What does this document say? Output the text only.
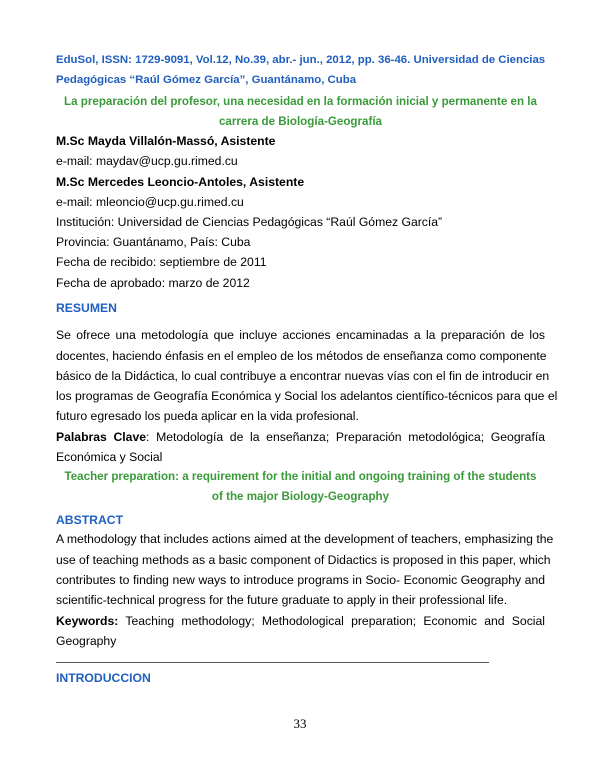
EduSol, ISSN: 1729-9091, Vol.12, No.39, abr.- jun., 2012, pp. 36-46. Universidad de Ciencias
Pedagógicas “Raúl Gómez García”, Guantánamo, Cuba
La preparación del profesor, una necesidad en la formación inicial y permanente en la
carrera de Biología-Geografía
M.Sc Mayda Villalón-Massó, Asistente
e-mail: maydav@ucp.gu.rimed.cu
M.Sc Mercedes Leoncio-Antoles, Asistente
e-mail: mleoncio@ucp.gu.rimed.cu
Institución: Universidad de Ciencias Pedagógicas “Raúl Gómez García”
Provincia: Guantánamo, País: Cuba
Fecha de recibido: septiembre de 2011
Fecha de aprobado: marzo de 2012
RESUMEN
Se ofrece una metodología que incluye acciones encaminadas a la preparación de los
docentes, haciendo énfasis en el empleo de los métodos de enseñanza como componente
básico de la Didáctica, lo cual contribuye a encontrar nuevas vías con el fin de introducir en
los programas de Geografía Económica y Social los adelantos científico-técnicos para que el
futuro egresado los pueda aplicar en la vida profesional.
Palabras Clave: Metodología de la enseñanza; Preparación metodológica; Geografía
Económica y Social
Teacher preparation: a requirement for the initial and ongoing training of the students
of the major Biology-Geography
ABSTRACT
A methodology that includes actions aimed at the development of teachers, emphasizing the
use of teaching methods as a basic component of Didactics is proposed in this paper, which
contributes to finding new ways to introduce programs in Socio- Economic Geography and
scientific-technical progress for the future graduate to apply in their professional life.
Keywords: Teaching methodology; Methodological preparation; Economic and Social
Geography
INTRODUCCION
33
